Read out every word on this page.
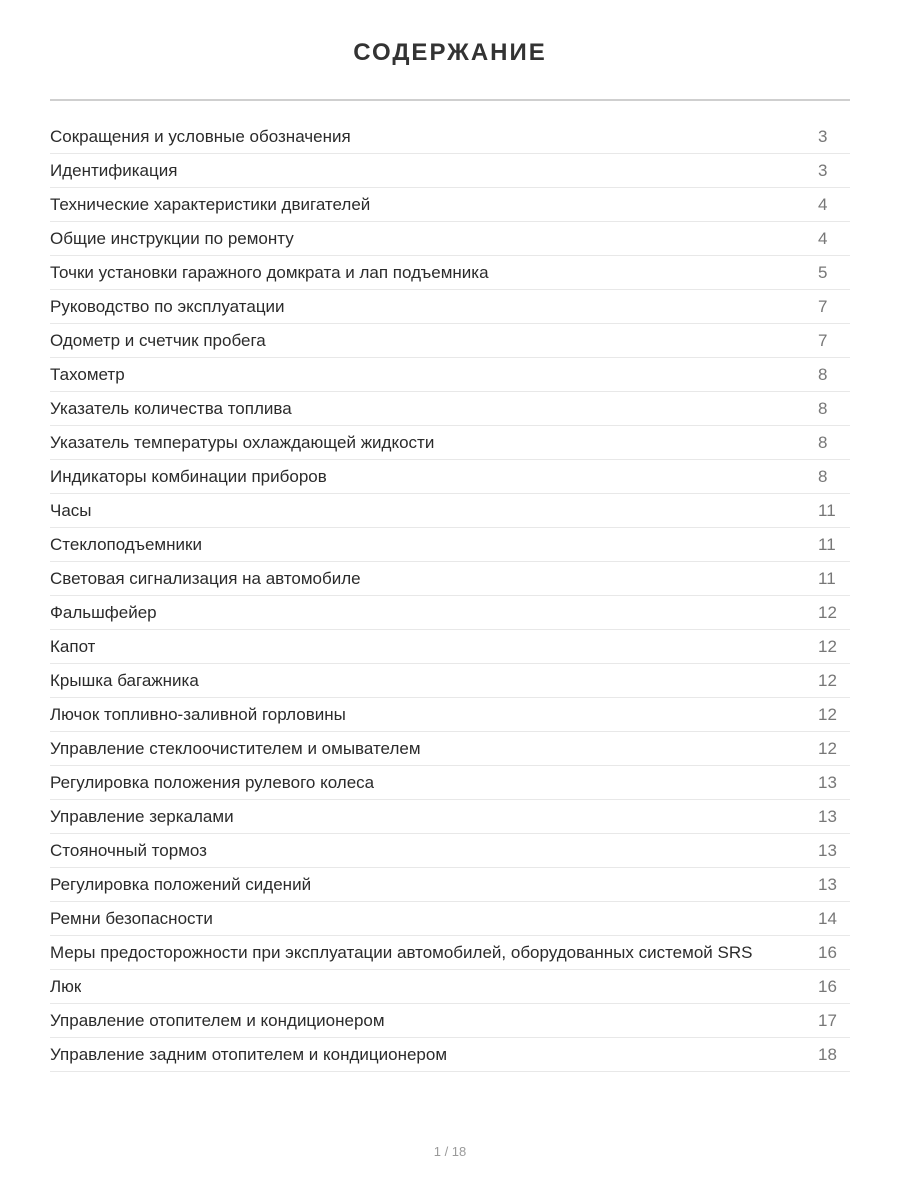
СОДЕРЖАНИЕ
Сокращения и условные обозначения	3
Идентификация	3
Технические характеристики двигателей	4
Общие инструкции по ремонту	4
Точки установки гаражного домкрата и лап подъемника	5
Руководство по эксплуатации	7
Одометр и счетчик пробега	7
Тахометр	8
Указатель количества топлива	8
Указатель температуры охлаждающей жидкости	8
Индикаторы комбинации приборов	8
Часы	11
Стеклоподъемники	11
Световая сигнализация на автомобиле	11
Фальшфейер	12
Капот	12
Крышка багажника	12
Лючок топливно-заливной горловины	12
Управление стеклоочистителем и омывателем	12
Регулировка положения рулевого колеса	13
Управление зеркалами	13
Стояночный тормоз	13
Регулировка положений сидений	13
Ремни безопасности	14
Меры предосторожности при эксплуатации автомобилей, оборудованных системой SRS	16
Люк	16
Управление отопителем и кондиционером	17
Управление задним отопителем и кондиционером	18
1 / 18
